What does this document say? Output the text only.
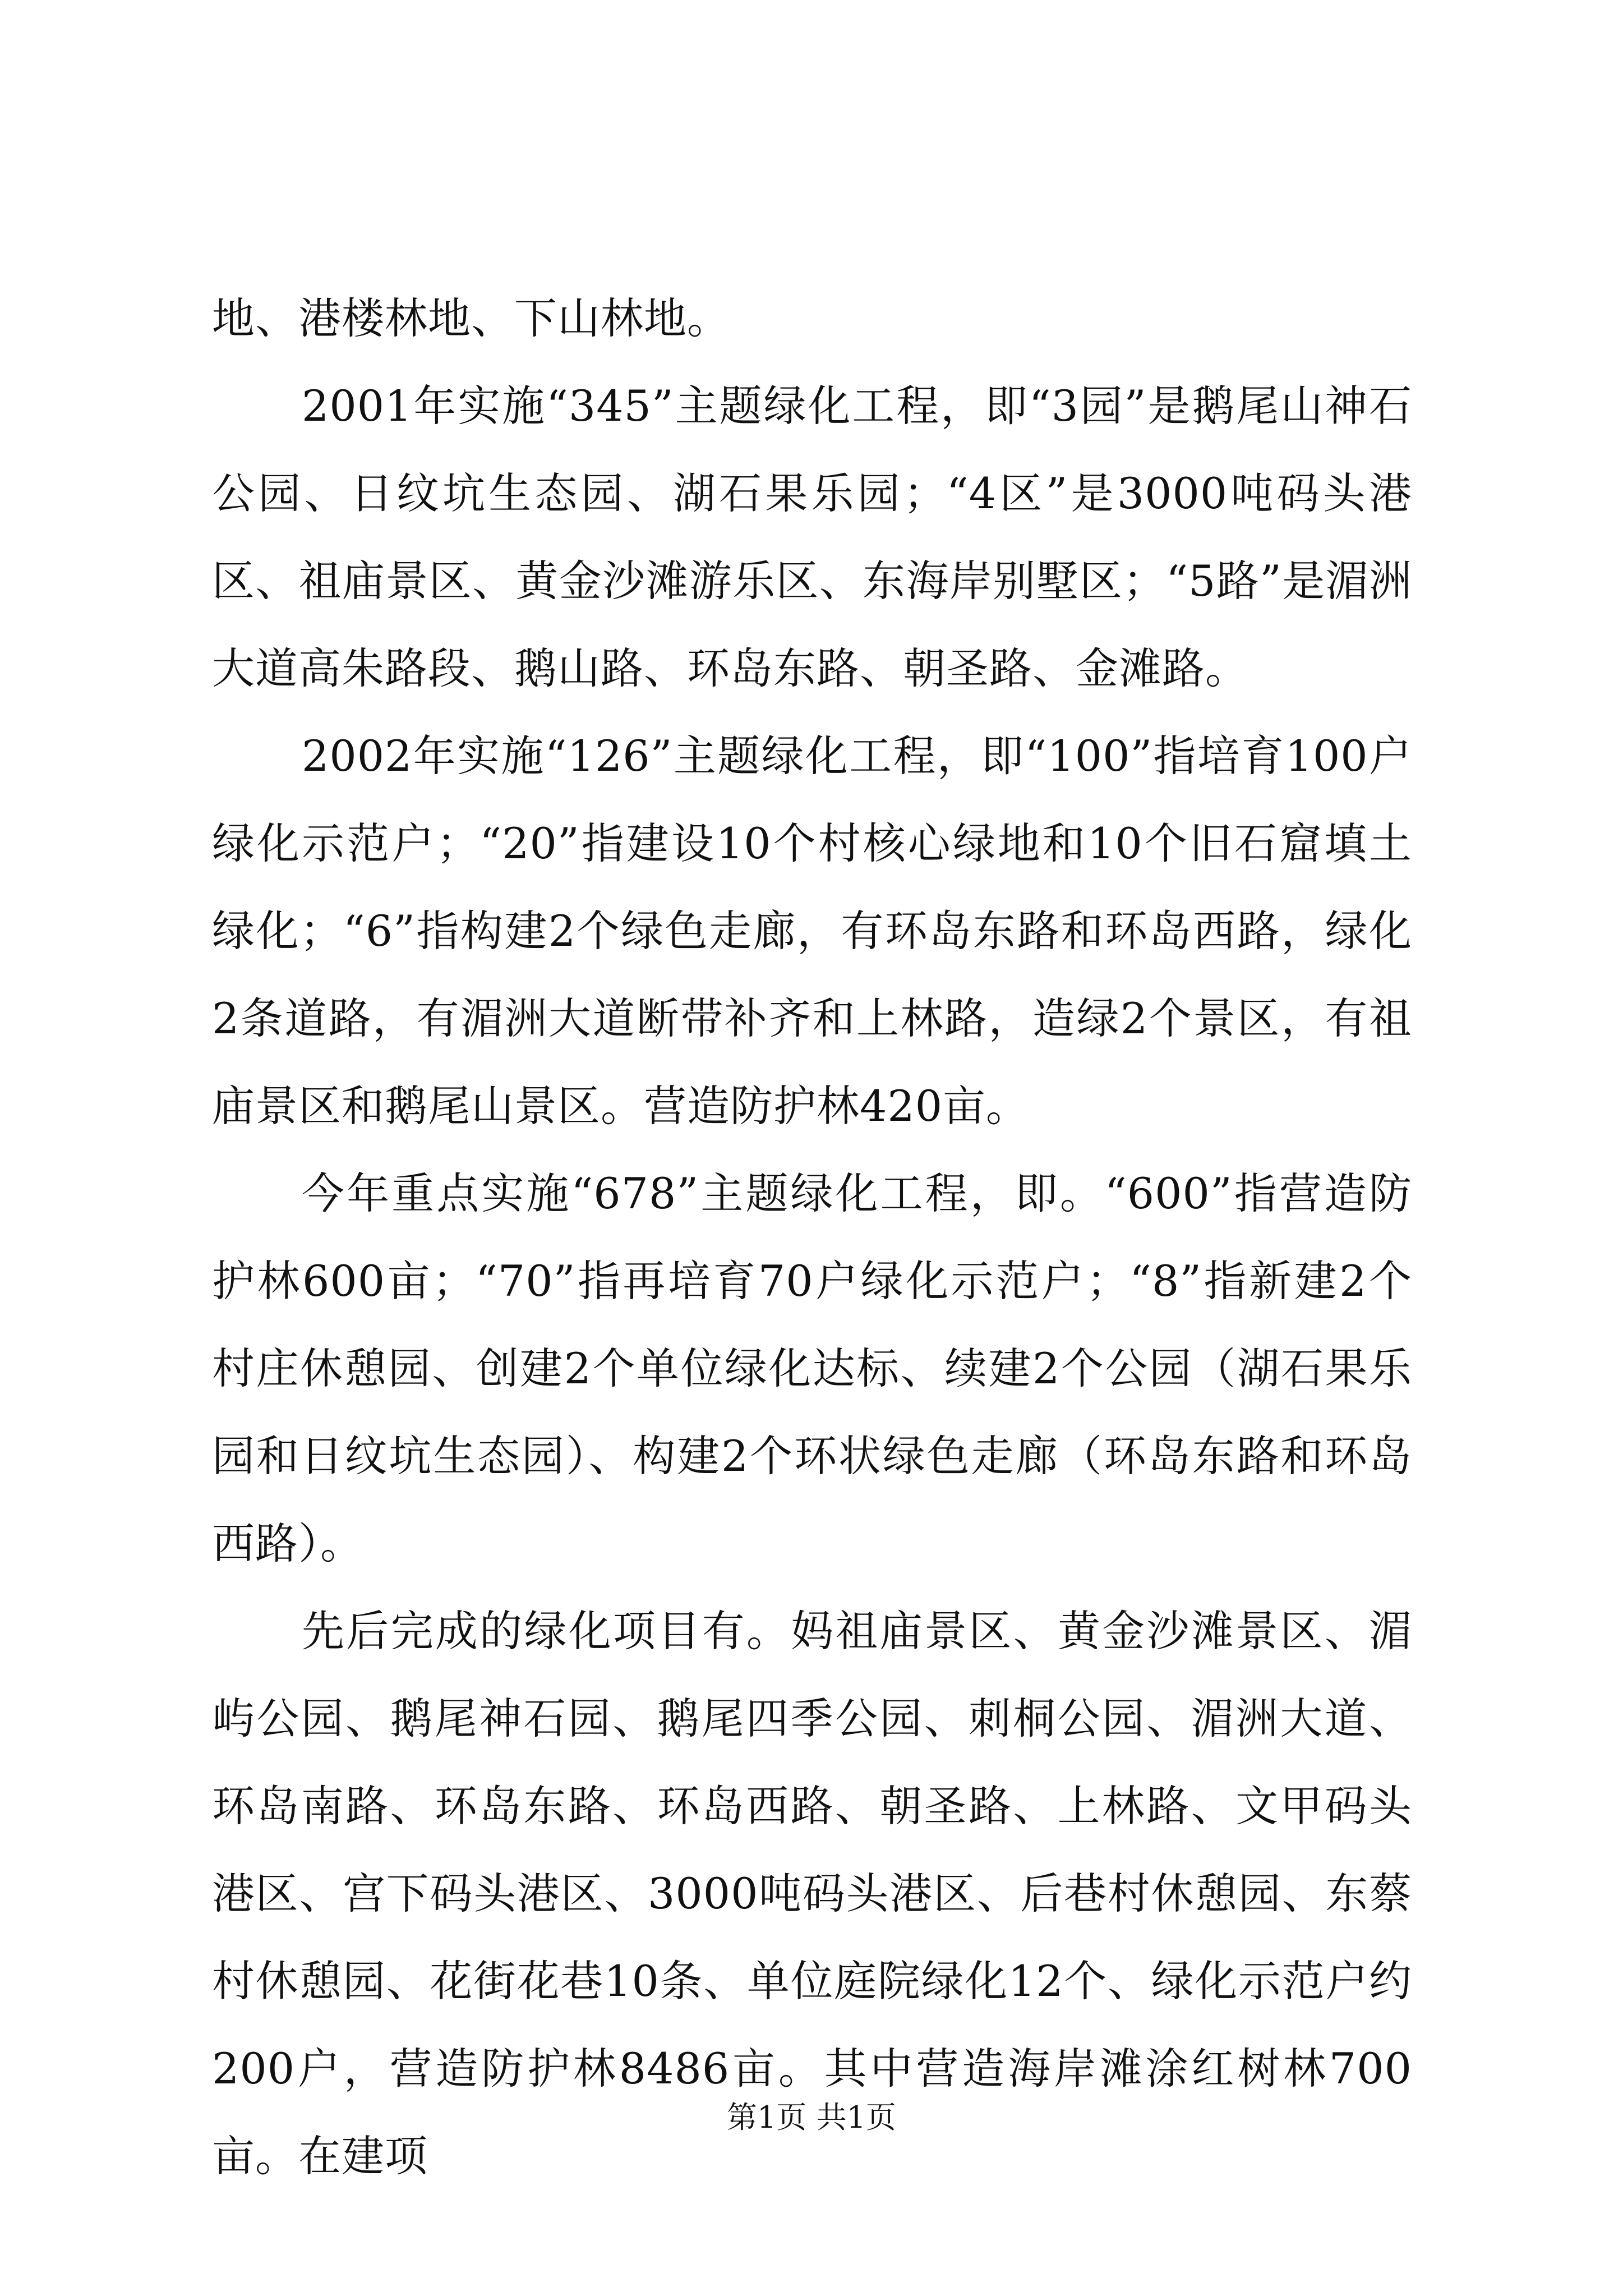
地、港楼林地、下山林地。

2001年实施“345”主题绿化工程，即“3园”是鹅尾山神石公园、日纹坑生态园、湖石果乐园；“4区”是3000吨码头港区、祖庙景区、黄金沙滩游乐区、东海岸别墅区；“5路”是湄洲大道高朱路段、鹅山路、环岛东路、朝圣路、金滩路。

2002年实施“126”主题绿化工程，即“100”指培育100户绿化示范户；“20”指建设10个村核心绿地和10个旧石窟填土绿化；“6”指构建2个绿色走廊，有环岛东路和环岛西路，绿化2条道路，有湄洲大道断带补齐和上林路，造绿2个景区，有祖庙景区和鹅尾山景区。营造防护林420亩。

今年重点实施“678”主题绿化工程，即。“600”指营造防护林600亩；“70”指再培育70户绿化示范户；“8”指新建2个村庄休憩园、创建2个单位绿化达标、续建2个公园（湖石果乐园和日纹坑生态园）、构建2个环状绿色走廊（环岛东路和环岛西路）。

先后完成的绿化项目有。妈祖庙景区、黄金沙滩景区、湄屿公园、鹅尾神石园、鹅尾四季公园、刺桐公园、湄洲大道、环岛南路、环岛东路、环岛西路、朝圣路、上林路、文甲码头港区、宫下码头港区、3000吨码头港区、后巷村休憩园、东蔡村休憩园、花街花巷10条、单位庭院绿化12个、绿化示范户约200户，营造防护林8486亩。其中营造海岸滩涂红树林700亩。在建项

第1页 共1页
